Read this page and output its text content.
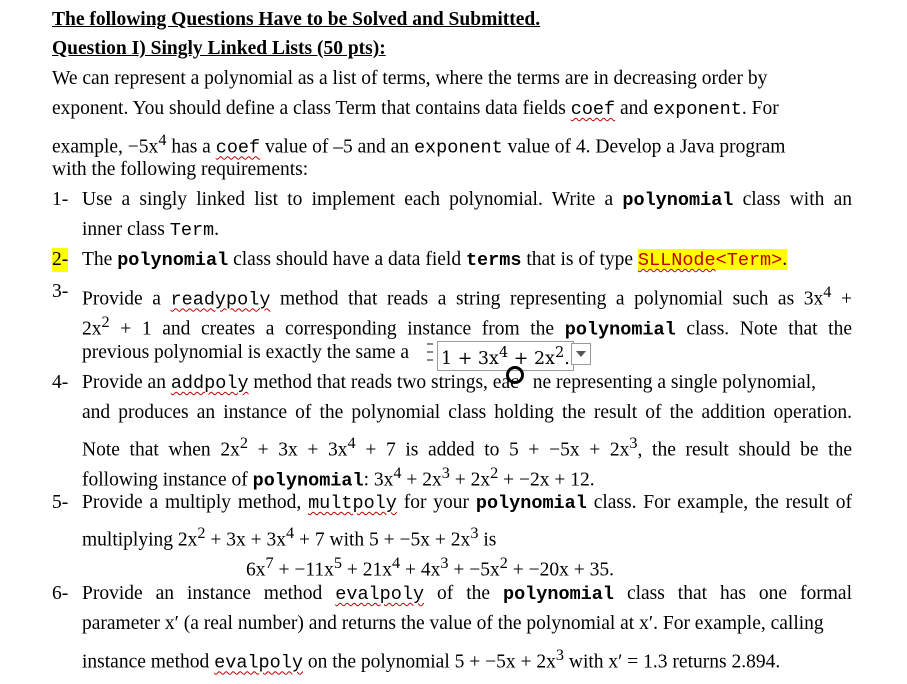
The following Questions Have to be Solved and Submitted.
Question I) Singly Linked Lists (50 pts):
We can represent a polynomial as a list of terms, where the terms are in decreasing order by
exponent. You should define a class Term that contains data fields coef and exponent. For
example, $-5x^4$ has a coef value of –5 and an exponent value of 4. Develop a Java program
with the following requirements:
1- Use a singly linked list to implement each polynomial. Write a polynomial class with an
inner class Term.
2- The polynomial class should have a data field terms that is of type SLLNode<Term>.
3- Provide a readypoly method that reads a string representing a polynomial such as $3x^4$ +
$2x^2 + 1$ and creates a corresponding instance from the polynomial class. Note that the
previous polynomial is exactly the same a $1 + 3x^4 + 2x^2$.
4- Provide an addpoly method that reads two strings, eac ne representing a single polynomial,
and produces an instance of the polynomial class holding the result of the addition operation.
Note that when $2x^2 + 3x + 3x^4 + 7$ is added to $5 + -5x + 2x^3$, the result should be the
following instance of polynomial: $3x^4 + 2x^3 + 2x^2 + -2x + 12$.
5- Provide a multiply method, multpoly for your polynomial class. For example, the result of
multiplying $2x^2 + 3x + 3x^4 + 7$ with $5 + -5x + 2x^3$ is
$6x^7 + -11x^5 + 21x^4 + 4x^3 + -5x^2 + -20x + 35$.
6- Provide an instance method evalpoly of the polynomial class that has one formal
parameter x′ (a real number) and returns the value of the polynomial at x′. For example, calling
instance method evalpoly on the polynomial $5 + -5x + 2x^3$ with x′ = 1.3 returns 2.894.
